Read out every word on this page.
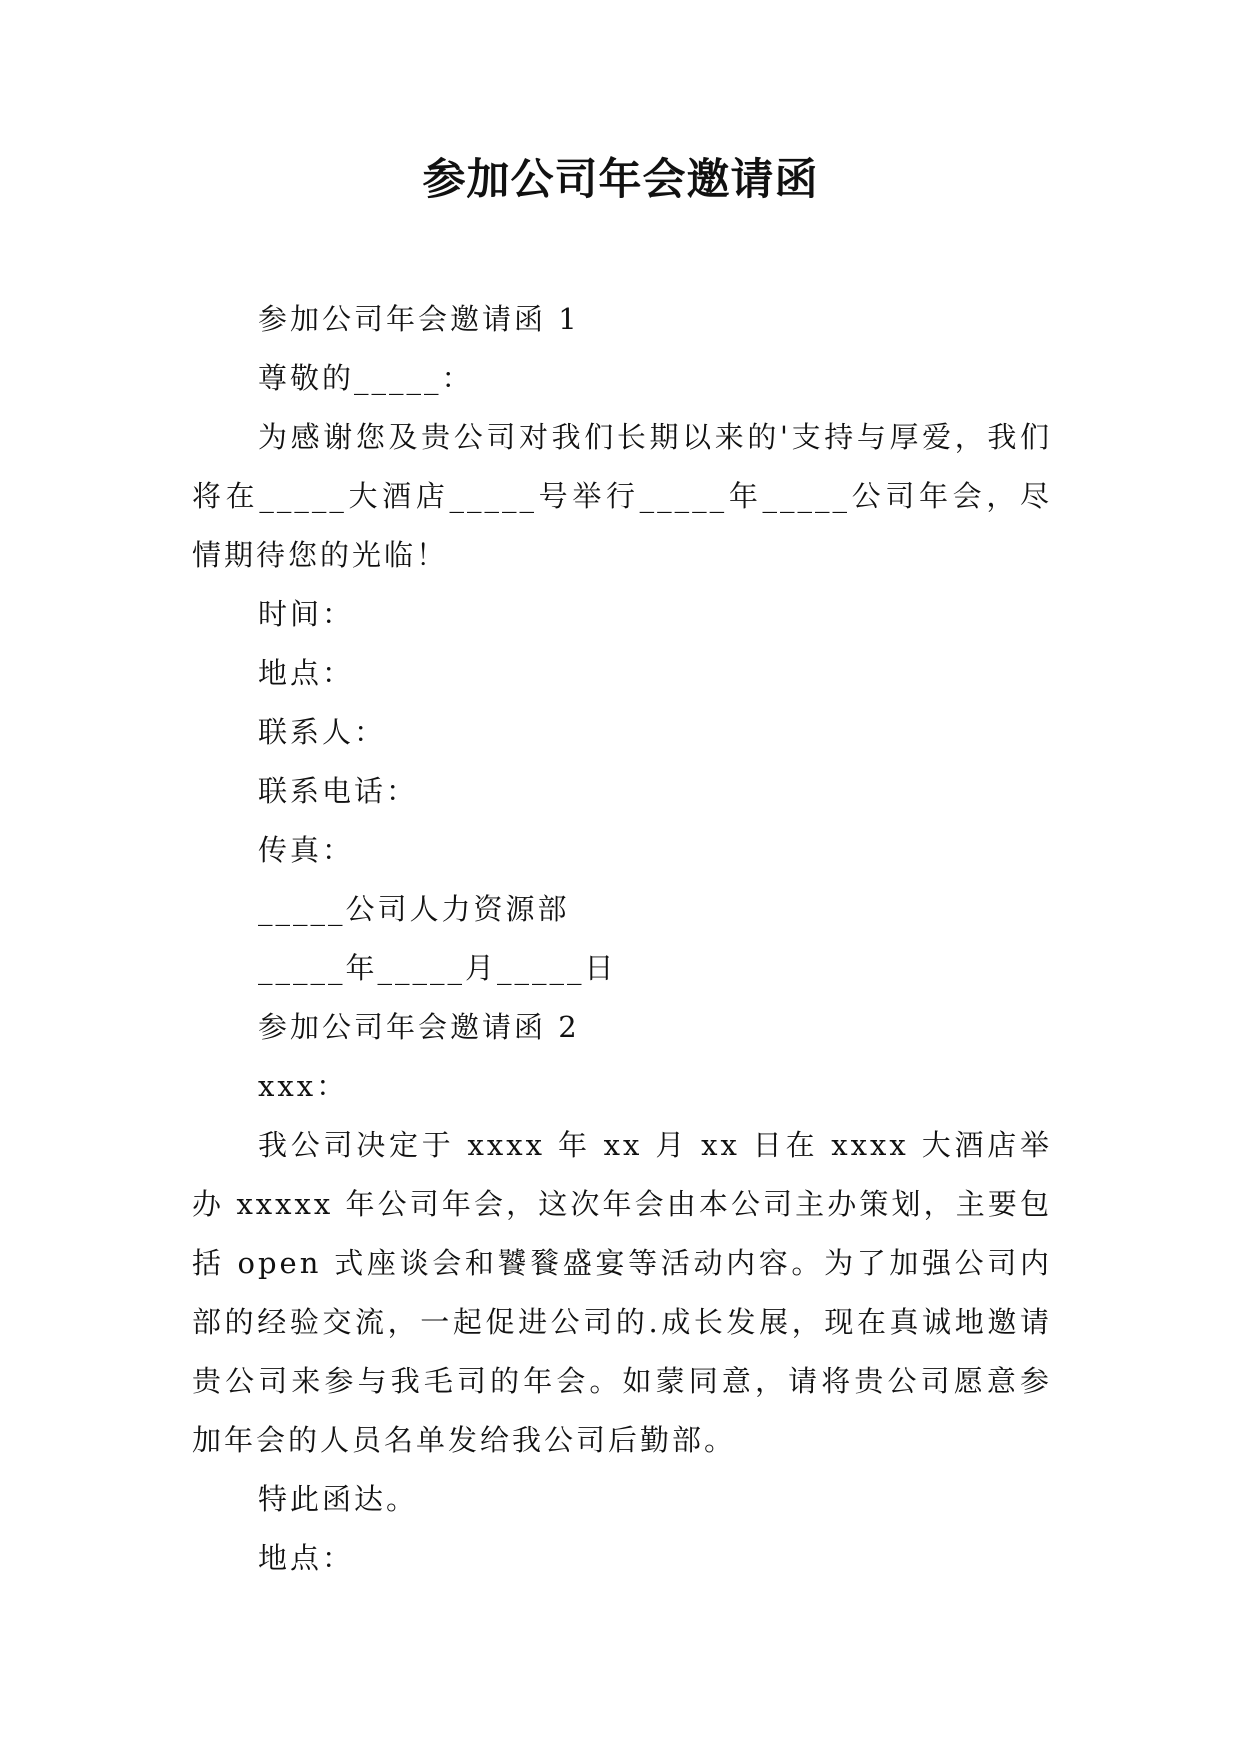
参加公司年会邀请函

参加公司年会邀请函 1

尊敬的_____：

为感谢您及贵公司对我们长期以来的'支持与厚爱，我们将在_____大酒店_____号举行_____年_____公司年会，尽情期待您的光临！

时间：

地点：

联系人：

联系电话：

传真：

_____公司人力资源部

_____年_____月_____日

参加公司年会邀请函 2

xxx：

我公司决定于 xxxx 年 xx 月 xx 日在 xxxx 大酒店举办 xxxxx 年公司年会，这次年会由本公司主办策划，主要包括 open 式座谈会和饕餮盛宴等活动内容。为了加强公司内部的经验交流，一起促进公司的.成长发展，现在真诚地邀请贵公司来参与我毛司的年会。如蒙同意，请将贵公司愿意参加年会的人员名单发给我公司后勤部。

特此函达。

地点：
